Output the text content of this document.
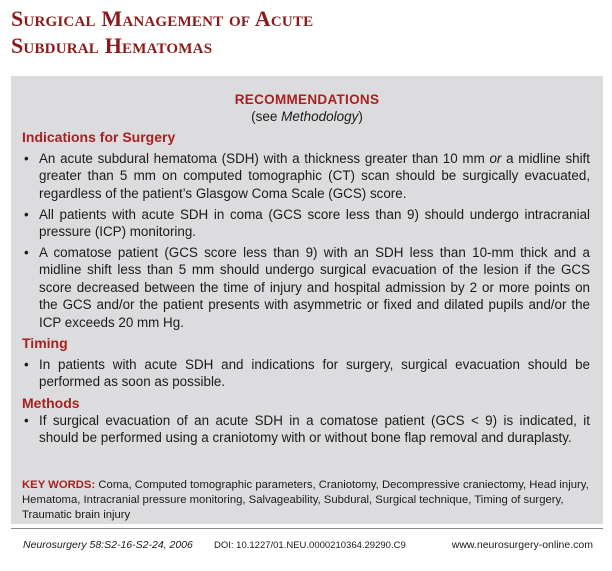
Surgical Management of Acute
Subdural Hematomas
RECOMMENDATIONS
(see Methodology)
Indications for Surgery
• An acute subdural hematoma (SDH) with a thickness greater than 10 mm or a midline shift greater than 5 mm on computed tomographic (CT) scan should be surgically evacuated, regardless of the patient’s Glasgow Coma Scale (GCS) score.
• All patients with acute SDH in coma (GCS score less than 9) should undergo intracranial pressure (ICP) monitoring.
• A comatose patient (GCS score less than 9) with an SDH less than 10-mm thick and a midline shift less than 5 mm should undergo surgical evacuation of the lesion if the GCS score decreased between the time of injury and hospital admission by 2 or more points on the GCS and/or the patient presents with asymmetric or fixed and dilated pupils and/or the ICP exceeds 20 mm Hg.
Timing
• In patients with acute SDH and indications for surgery, surgical evacuation should be performed as soon as possible.
Methods
• If surgical evacuation of an acute SDH in a comatose patient (GCS < 9) is indicated, it should be performed using a craniotomy with or without bone flap removal and duraplasty.
KEY WORDS: Coma, Computed tomographic parameters, Craniotomy, Decompressive craniectomy, Head injury, Hematoma, Intracranial pressure monitoring, Salvageability, Subdural, Surgical technique, Timing of surgery, Traumatic brain injury
Neurosurgery 58:S2-16-S2-24, 2006 DOI: 10.1227/01.NEU.0000210364.29290.C9	www.neurosurgery-online.com
